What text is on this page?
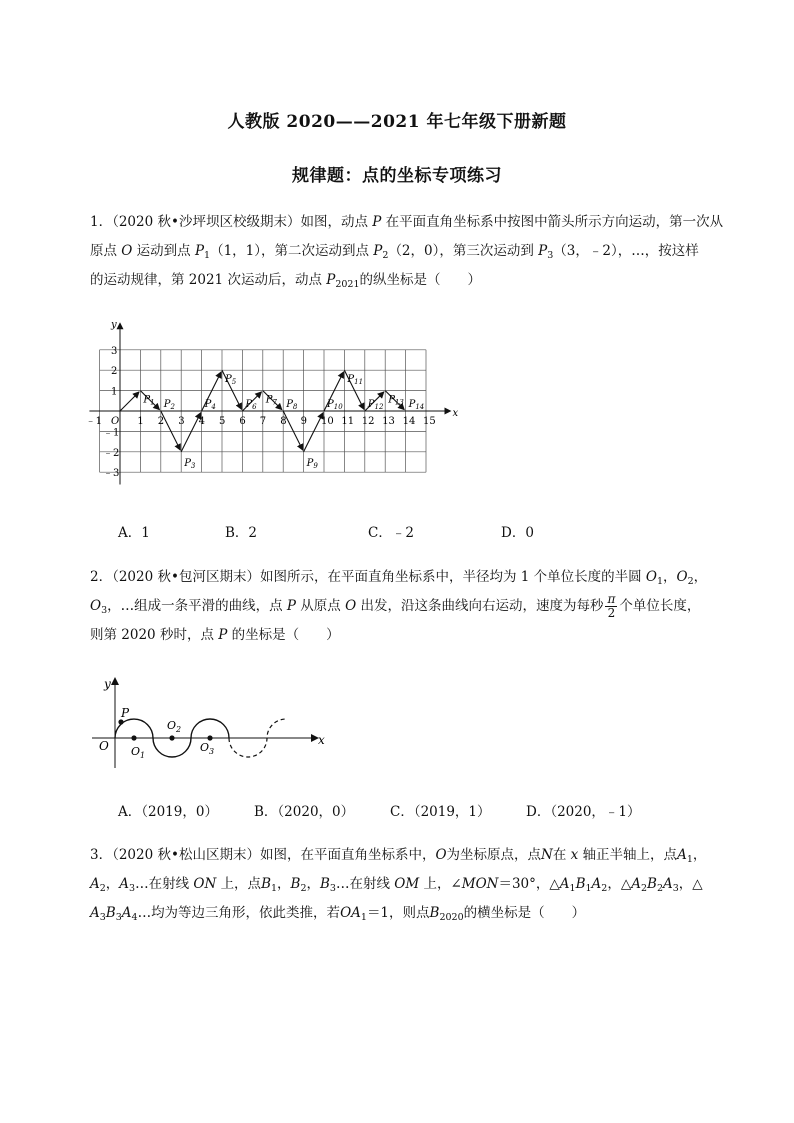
人教版 2020——2021 年七年级下册新题
规律题：点的坐标专项练习
1．（2020 秋•沙坪坝区校级期末）如图，动点 P 在平面直角坐标系中按图中箭头所示方向运动，第一次从
原点 O 运动到点 $P_1(1$，1），第二次运动到点 $P_2(2$，0），第三次运动到 $P_3(3$，﹣2），…，按这样
的运动规律，第 2021 次运动后，动点 $P_{2021}$的纵坐标是（　　）
x
y
O
﹣1	1 2 3 4 5 6 7 8 9 10 11 12 13 14 15
3
2
1
﹣1
﹣2
﹣3
$P_1$ $P_2$
$P_3$
$P_4$
$P_5$
$P_6$
$P_7$ $P_8$
$P_9$
$P_{10}$
$P_{11}$
$P_{12}$
$P_{13}$ $P_{14}$
A．1	B．2	C．﹣2	D．0
2．（2020 秋•包河区期末）如图所示，在平面直角坐标系中，半径均为 1 个单位长度的半圆 $O_1$，$O_2$，
$O_3$，…组成一条平滑的曲线，点 P 从原点 O 出发，沿这条曲线向右运动，速度为每秒 $\frac{\pi}{2}$ 个单位长度，
则第 2020 秒时，点 P 的坐标是（　　）
y
x
O
P
$O_1$
$O_2$
$O_3$
A．（2019，0）	B．（2020，0）	C．（2019，1）	D．（2020，﹣1）
3．（2020 秋•松山区期末）如图，在平面直角坐标系中，O为坐标原点，点N在 x 轴正半轴上，点$A_1$，
$A_2$，$A_3\dots$在射线 ON 上，点$B_1$，$B_2$，$B_3\dots$在射线 OM 上，∠MON＝30°，$\triangle A_1B_1A_2$，$\triangle A_2B_2A_3$，△
$A_3B_3A_4\dots$均为等边三角形，依此类推，若$OA_1=1$，则点$B_{2020}$的横坐标是（　　）
